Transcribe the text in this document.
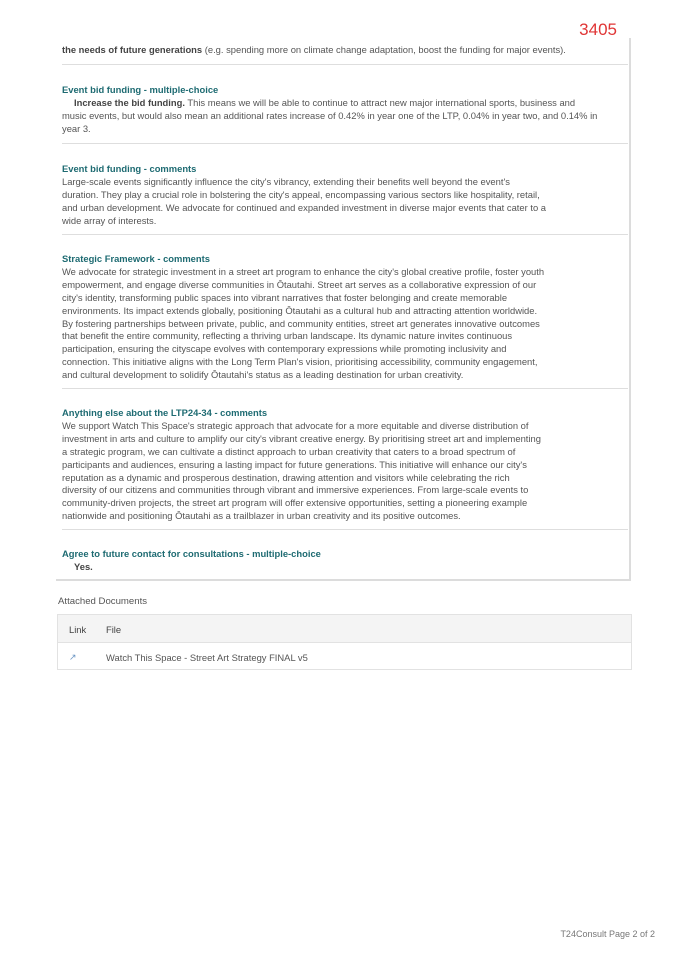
3405
the needs of future generations (e.g. spending more on climate change adaptation, boost the funding for major events).
Event bid funding - multiple-choice
Increase the bid funding. This means we will be able to continue to attract new major international sports, business and
music events, but would also mean an additional rates increase of 0.42% in year one of the LTP, 0.04% in year two, and 0.14% in
year 3.
Event bid funding - comments
Large-scale events significantly influence the city's vibrancy, extending their benefits well beyond the event's
duration. They play a crucial role in bolstering the city's appeal, encompassing various sectors like hospitality, retail,
and urban development. We advocate for continued and expanded investment in diverse major events that cater to a
wide array of interests.
Strategic Framework - comments
We advocate for strategic investment in a street art program to enhance the city's global creative profile, foster youth
empowerment, and engage diverse communities in Ōtautahi. Street art serves as a collaborative expression of our
city's identity, transforming public spaces into vibrant narratives that foster belonging and create memorable
environments. Its impact extends globally, positioning Ōtautahi as a cultural hub and attracting attention worldwide.
By fostering partnerships between private, public, and community entities, street art generates innovative outcomes
that benefit the entire community, reflecting a thriving urban landscape. Its dynamic nature invites continuous
participation, ensuring the cityscape evolves with contemporary expressions while promoting inclusivity and
connection. This initiative aligns with the Long Term Plan's vision, prioritising accessibility, community engagement,
and cultural development to solidify Ōtautahi's status as a leading destination for urban creativity.
Anything else about the LTP24-34 - comments
We support Watch This Space's strategic approach that advocate for a more equitable and diverse distribution of
investment in arts and culture to amplify our city's vibrant creative energy. By prioritising street art and implementing
a strategic program, we can cultivate a distinct approach to urban creativity that caters to a broad spectrum of
participants and audiences, ensuring a lasting impact for future generations. This initiative will enhance our city's
reputation as a dynamic and prosperous destination, drawing attention and visitors while celebrating the rich
diversity of our citizens and communities through vibrant and immersive experiences. From large-scale events to
community-driven projects, the street art program will offer extensive opportunities, setting a pioneering example
nationwide and positioning Ōtautahi as a trailblazer in urban creativity and its positive outcomes.
Agree to future contact for consultations - multiple-choice
Yes.
Attached Documents
Link File
↗	Watch This Space - Street Art Strategy FINAL v5
T24Consult Page 2 of 2
